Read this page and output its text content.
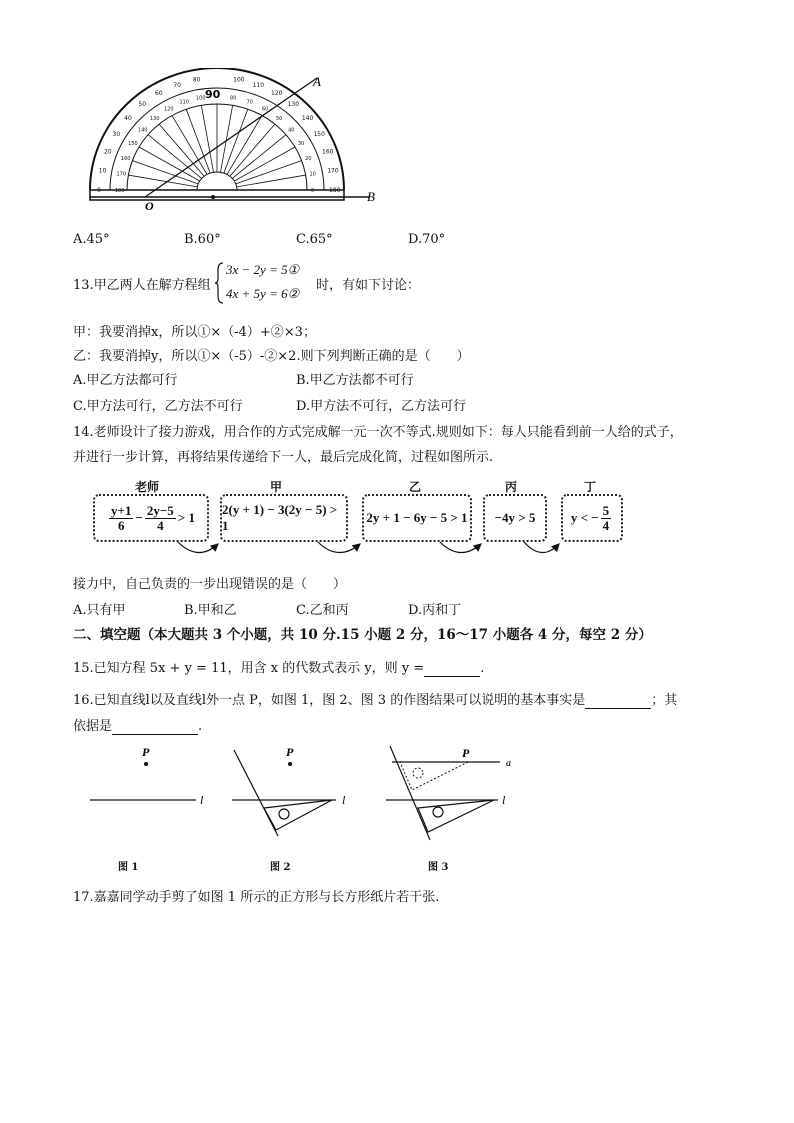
A
B
O
90
0
10
20
30
40
50
60
70
80	100
110
120
130
140
150
160
170
180
180
170
160
150
140
130
120
110
100	80
70
60
50
40
30
20
10
0
A.45°	B.60°	C.65°	D.70°
13.甲乙两人在解方程组
3x − 2y = 5①
4x + 5y = 6②
时，有如下讨论：
甲：我要消掉x，所以①×（-4）+②×3；
乙：我要消掉y，所以①×（-5）-②×2.则下列判断正确的是（　　）
A.甲乙方法都可行	B.甲乙方法都不可行
C.甲方法可行，乙方法不可行	D.甲方法不可行，乙方法可行
14.老师设计了接力游戏，用合作的方式完成解一元一次不等式.规则如下：每人只能看到前一人给的式子，
并进行一步计算，再将结果传递给下一人，最后完成化简，过程如图所示.
老师	甲	乙	丙	丁
$\frac{y+1}{6} - \frac{2y-5}{4} > 1$
2(y + 1) − 3(2y − 5) > 1
2y + 1 − 6y − 5 > 1 −4y > 5	y < − $\frac{5}{4}$
接力中，自己负责的一步出现错误的是（　　）
A.只有甲	B.甲和乙	C.乙和丙	D.丙和丁
二、填空题（本大题共 3 个小题，共 10 分.15 小题 2 分，16～17 小题各 4 分，每空 2 分）
15.已知方程 5x + y = 11，用含 x 的代数式表示 y，则 y =	.
16.已知直线l以及直线l外一点 P，如图 1，图 2、图 3 的作图结果可以说明的基本事实是	；其
依据是	.
P
l
P
l
P
a
l
图 1	图 2	图 3
17.嘉嘉同学动手剪了如图 1 所示的正方形与长方形纸片若干张.
